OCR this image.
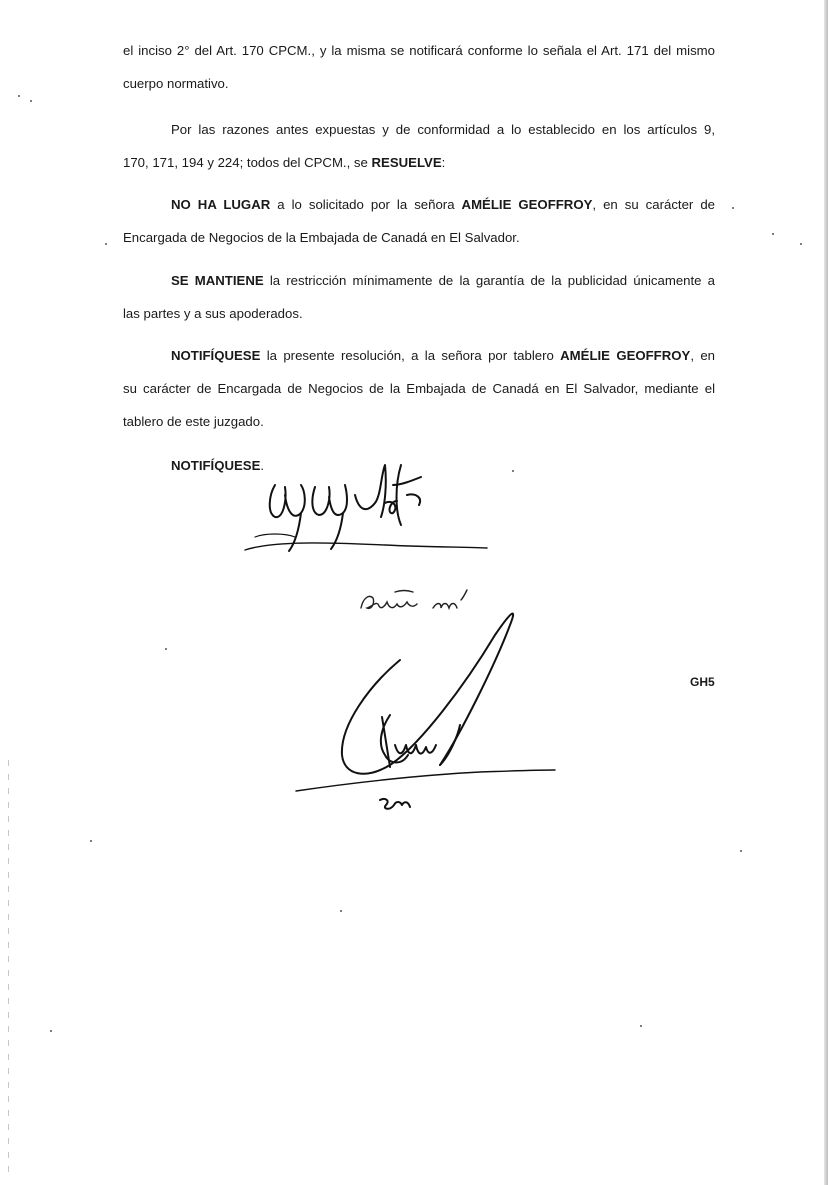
el inciso 2° del Art. 170 CPCM., y la misma se notificará conforme lo señala el Art. 171 del mismo
cuerpo normativo.
Por las razones antes expuestas y de conformidad a lo establecido en los artículos 9,
170, 171, 194 y 224; todos del CPCM., se RESUELVE:
NO HA LUGAR a lo solicitado por la señora AMÉLIE GEOFFROY, en su carácter de
Encargada de Negocios de la Embajada de Canadá en El Salvador.
SE MANTIENE la restricción mínimamente de la garantía de la publicidad únicamente a
las partes y a sus apoderados.
NOTIFÍQUESE la presente resolución, a la señora por tablero AMÉLIE GEOFFROY, en
su carácter de Encargada de Negocios de la Embajada de Canadá en El Salvador, mediante el
tablero de este juzgado.
NOTIFÍQUESE.
GH5
